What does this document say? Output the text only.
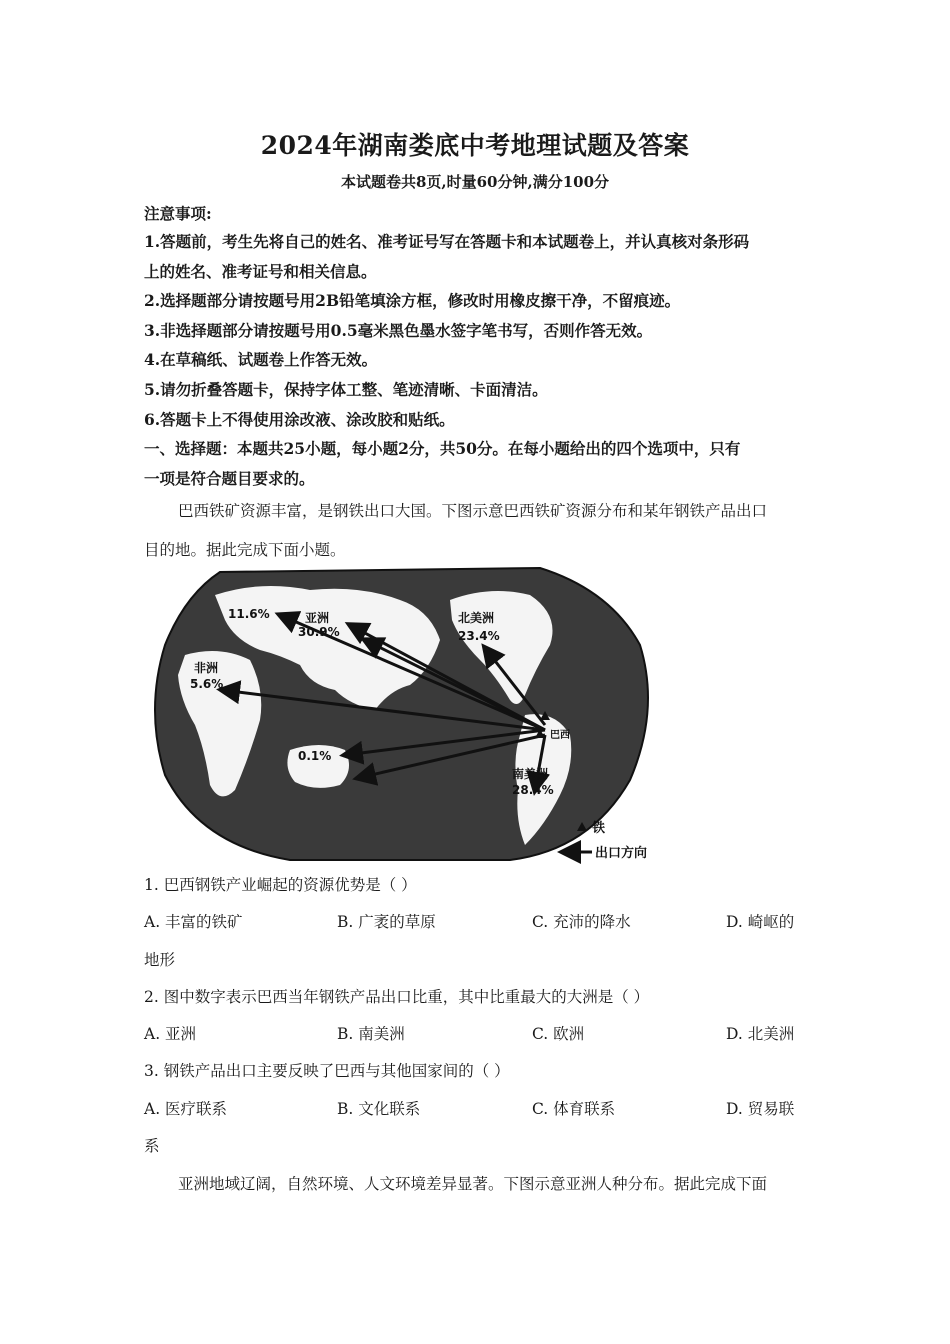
2024年湖南娄底中考地理试题及答案
本试题卷共8页,时量60分钟,满分100分
注意事项:
1.答题前，考生先将自己的姓名、准考证号写在答题卡和本试题卷上，并认真核对条形码
上的姓名、准考证号和相关信息。
2.选择题部分请按题号用2B铅笔填涂方框，修改时用橡皮擦干净，不留痕迹。
3.非选择题部分请按题号用0.5毫米黑色墨水签字笔书写，否则作答无效。
4.在草稿纸、试题卷上作答无效。
5.请勿折叠答题卡，保持字体工整、笔迹清晰、卡面清洁。
6.答题卡上不得使用涂改液、涂改胶和贴纸。
一、选择题：本题共25小题，每小题2分，共50分。在每小题给出的四个选项中，只有
一项是符合题目要求的。
巴西铁矿资源丰富，是钢铁出口大国。下图示意巴西铁矿资源分布和某年钢铁产品出口
目的地。据此完成下面小题。
11.6%	亚洲
30.9%
北美洲
23.4%
非洲
5.6%
0.1%
巴西
南美洲
28.4%
铁
出口方向
1. 巴西钢铁产业崛起的资源优势是（ ）
A. 丰富的铁矿	B. 广袤的草原	C. 充沛的降水	D. 崎岖的
地形
2. 图中数字表示巴西当年钢铁产品出口比重，其中比重最大的大洲是（ ）
A. 亚洲	B. 南美洲	C. 欧洲	D. 北美洲
3. 钢铁产品出口主要反映了巴西与其他国家间的（ ）
A. 医疗联系	B. 文化联系	C. 体育联系	D. 贸易联
系
亚洲地域辽阔，自然环境、人文环境差异显著。下图示意亚洲人种分布。据此完成下面
